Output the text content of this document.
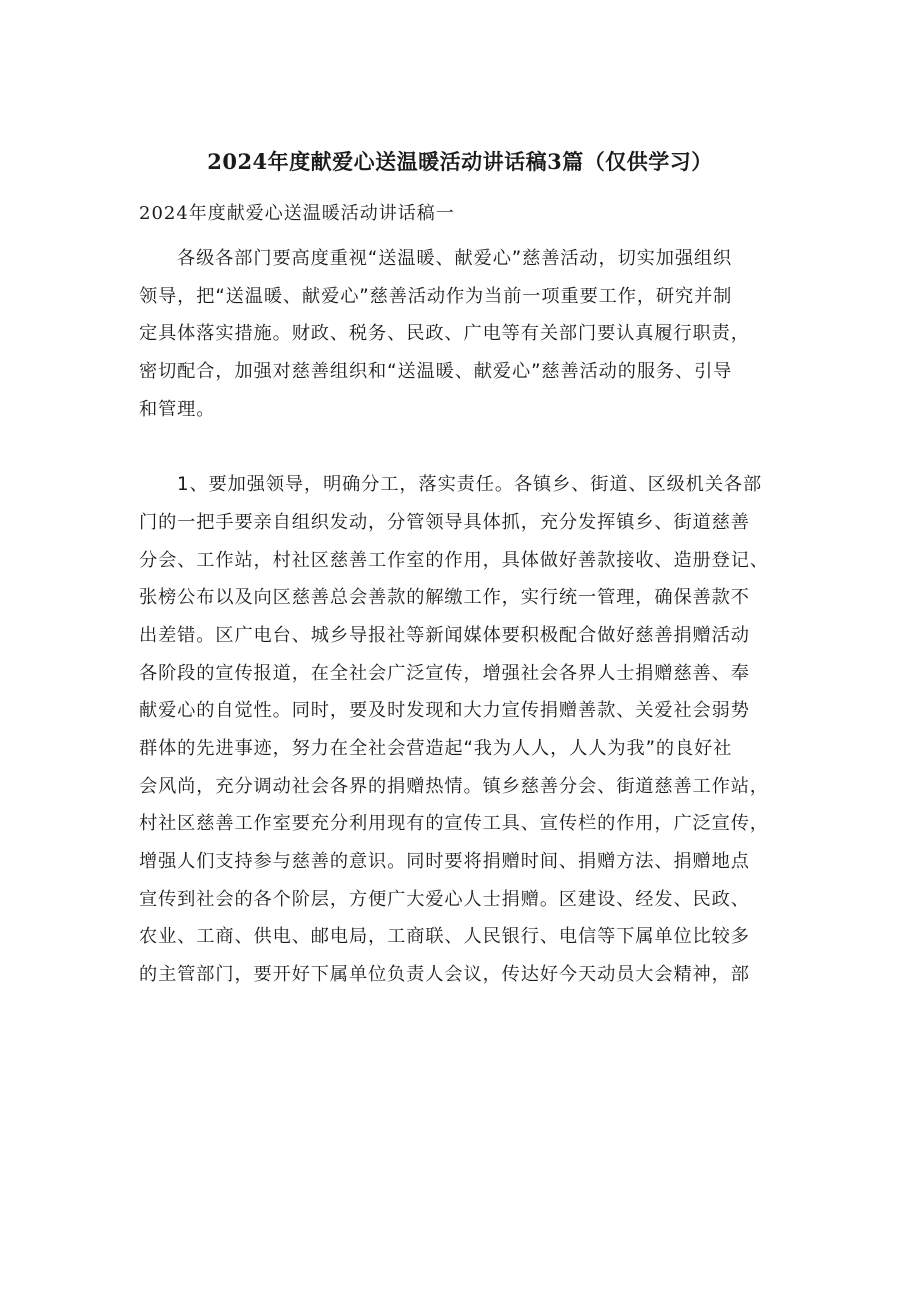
2024年度献爱心送温暖活动讲话稿3篇（仅供学习）
2024年度献爱心送温暖活动讲话稿一
各级各部门要高度重视“送温暖、献爱心”慈善活动，切实加强组织
领导，把“送温暖、献爱心”慈善活动作为当前一项重要工作，研究并制
定具体落实措施。财政、税务、民政、广电等有关部门要认真履行职责，
密切配合，加强对慈善组织和“送温暖、献爱心”慈善活动的服务、引导
和管理。
1、要加强领导，明确分工，落实责任。各镇乡、街道、区级机关各部
门的一把手要亲自组织发动，分管领导具体抓，充分发挥镇乡、街道慈善
分会、工作站，村社区慈善工作室的作用，具体做好善款接收、造册登记、
张榜公布以及向区慈善总会善款的解缴工作，实行统一管理，确保善款不
出差错。区广电台、城乡导报社等新闻媒体要积极配合做好慈善捐赠活动
各阶段的宣传报道，在全社会广泛宣传，增强社会各界人士捐赠慈善、奉
献爱心的自觉性。同时，要及时发现和大力宣传捐赠善款、关爱社会弱势
群体的先进事迹，努力在全社会营造起“我为人人，人人为我”的良好社
会风尚，充分调动社会各界的捐赠热情。镇乡慈善分会、街道慈善工作站，
村社区慈善工作室要充分利用现有的宣传工具、宣传栏的作用，广泛宣传，
增强人们支持参与慈善的意识。同时要将捐赠时间、捐赠方法、捐赠地点
宣传到社会的各个阶层，方便广大爱心人士捐赠。区建设、经发、民政、
农业、工商、供电、邮电局，工商联、人民银行、电信等下属单位比较多
的主管部门，要开好下属单位负责人会议，传达好今天动员大会精神，部
